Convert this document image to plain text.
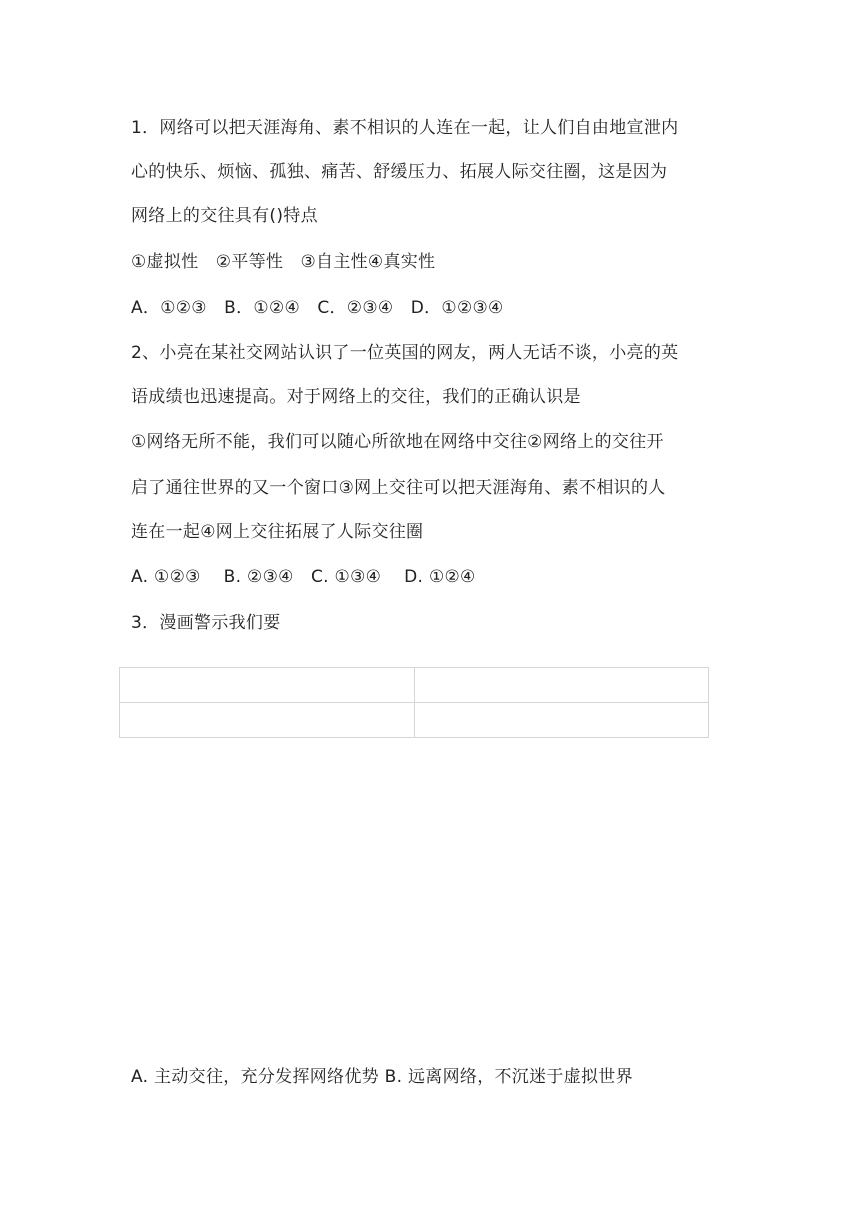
1．网络可以把天涯海角、素不相识的人连在一起，让人们自由地宣泄内
心的快乐、烦恼、孤独、痛苦、舒缓压力、拓展人际交往圈，这是因为
网络上的交往具有()特点
①虚拟性　②平等性　③自主性④真实性
A．①②③　B．①②④　C．②③④　D．①②③④
2、小亮在某社交网站认识了一位英国的网友，两人无话不谈，小亮的英
语成绩也迅速提高。对于网络上的交往，我们的正确认识是
①网络无所不能，我们可以随心所欲地在网络中交往②网络上的交往开
启了通往世界的又一个窗口③网上交往可以把天涯海角、素不相识的人
连在一起④网上交往拓展了人际交往圈
A. ①②③　 B. ②③④　C. ①③④　 D. ①②④
3．漫画警示我们要

A. 主动交往，充分发挥网络优势 B. 远离网络，不沉迷于虚拟世界
